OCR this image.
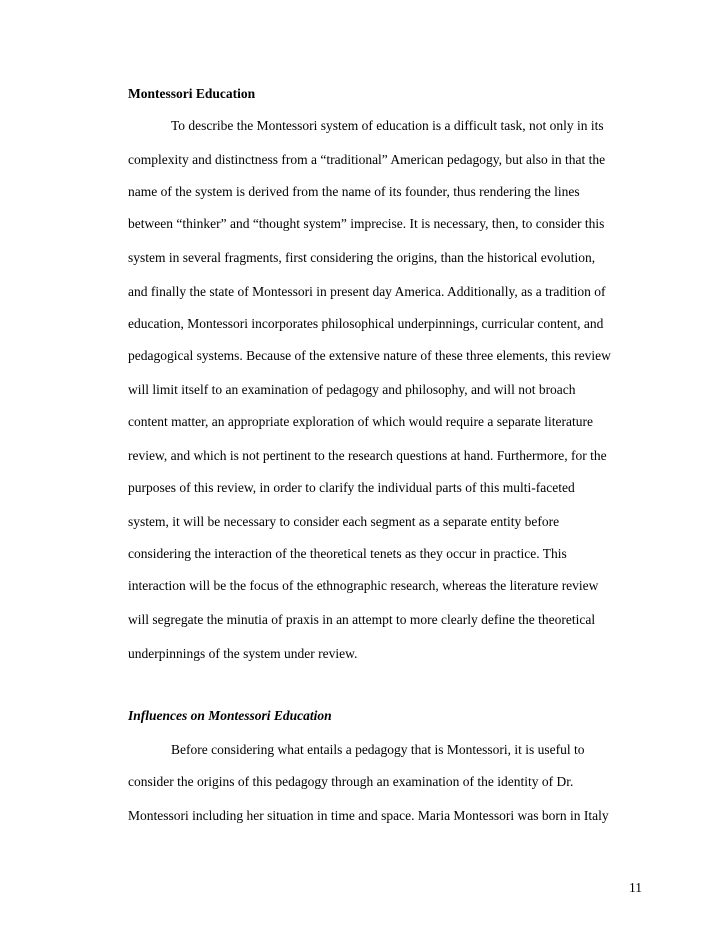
Montessori Education

To describe the Montessori system of education is a difficult task, not only in its

complexity and distinctness from a “traditional” American pedagogy, but also in that the

name of the system is derived from the name of its founder, thus rendering the lines

between “thinker” and “thought system” imprecise. It is necessary, then, to consider this

system in several fragments, first considering the origins, than the historical evolution,

and finally the state of Montessori in present day America. Additionally, as a tradition of

education, Montessori incorporates philosophical underpinnings, curricular content, and

pedagogical systems. Because of the extensive nature of these three elements, this review

will limit itself to an examination of pedagogy and philosophy, and will not broach

content matter, an appropriate exploration of which would require a separate literature

review, and which is not pertinent to the research questions at hand. Furthermore, for the

purposes of this review, in order to clarify the individual parts of this multi-faceted

system, it will be necessary to consider each segment as a separate entity before

considering the interaction of the theoretical tenets as they occur in practice. This

interaction will be the focus of the ethnographic research, whereas the literature review

will segregate the minutia of praxis in an attempt to more clearly define the theoretical

underpinnings of the system under review.

Influences on Montessori Education

Before considering what entails a pedagogy that is Montessori, it is useful to

consider the origins of this pedagogy through an examination of the identity of Dr.

Montessori including her situation in time and space. Maria Montessori was born in Italy

11
